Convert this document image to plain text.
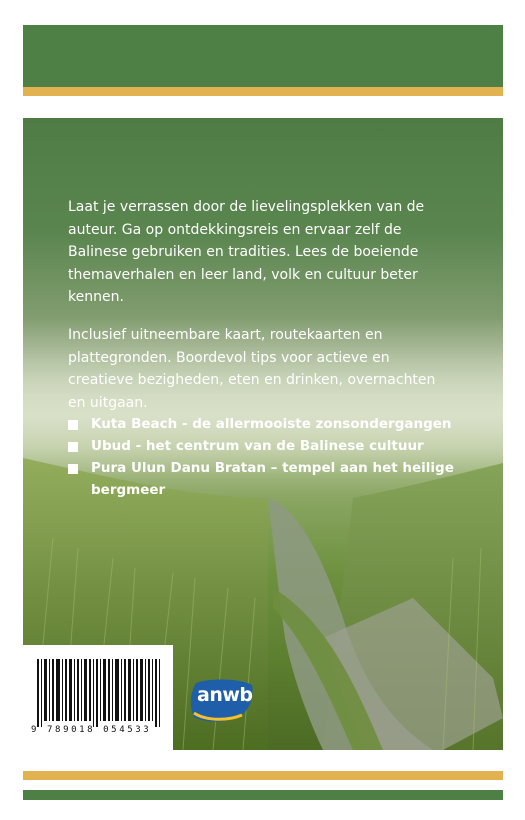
Laat je verrassen door de lievelingsplekken van de auteur. Ga op ontdekkingsreis en ervaar zelf de Balinese gebruiken en tradities. Lees de boeiende themaverhalen en leer land, volk en cultuur beter kennen.

Inclusief uitneembare kaart, routekaarten en plattegronden. Boordevol tips voor actieve en creatieve bezigheden, eten en drinken, overnachten en uitgaan.

Kuta Beach - de allermooiste zonsondergangen
Ubud - het centrum van de Balinese cultuur
Pura Ulun Danu Bratan – tempel aan het heilige bergmeer
9 789018 054533
anwb
